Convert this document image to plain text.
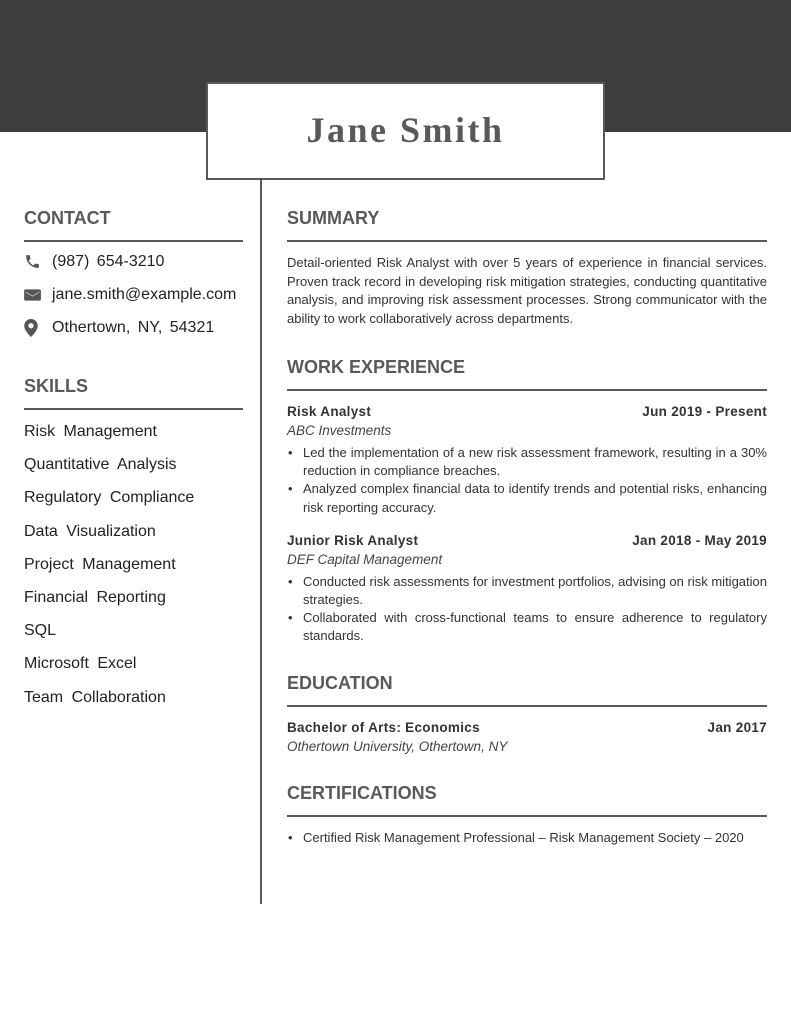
Jane Smith
CONTACT
(987) 654-3210
jane.smith@example.com
Othertown, NY, 54321
SKILLS
Risk Management
Quantitative Analysis
Regulatory Compliance
Data Visualization
Project Management
Financial Reporting
SQL
Microsoft Excel
Team Collaboration
SUMMARY

Detail-oriented Risk Analyst with over 5 years of experience in financial services. Proven track record in developing risk mitigation strategies, conducting quantitative analysis, and improving risk assessment processes. Strong communicator with the ability to work collaboratively across departments.

WORK EXPERIENCE
Risk Analyst	Jun 2019 - Present
ABC Investments
• Led the implementation of a new risk assessment framework, resulting in a 30% reduction in compliance breaches.
• Analyzed complex financial data to identify trends and potential risks, enhancing risk reporting accuracy.
Junior Risk Analyst	Jan 2018 - May 2019
DEF Capital Management
• Conducted risk assessments for investment portfolios, advising on risk mitigation strategies.
• Collaborated with cross-functional teams to ensure adherence to regulatory standards.
EDUCATION
Bachelor of Arts: Economics	Jan 2017
Othertown University, Othertown, NY
CERTIFICATIONS
• Certified Risk Management Professional – Risk Management Society – 2020
